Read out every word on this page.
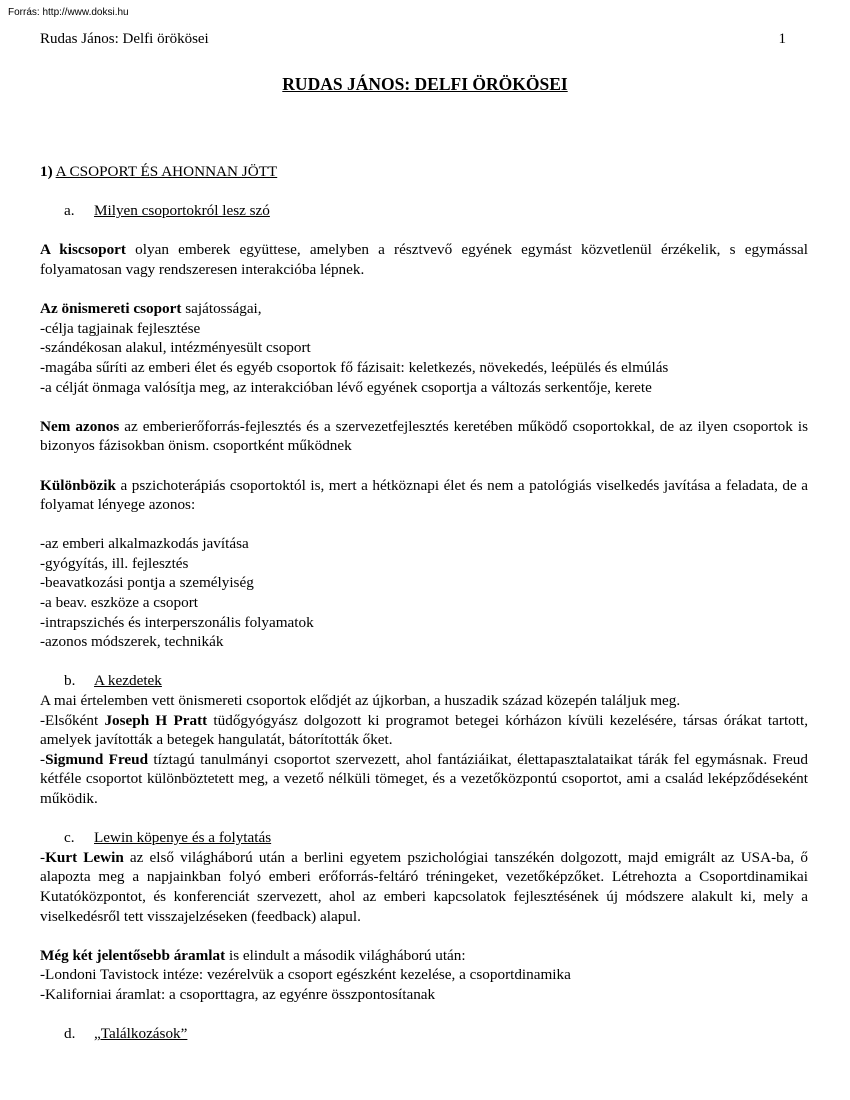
Forrás: http://www.doksi.hu
Rudas János: Delfi örökösei	1
RUDAS JÁNOS: DELFI ÖRÖKÖSEI

1) A CSOPORT ÉS AHONNAN JÖTT

a. Milyen csoportokról lesz szó

A kiscsoport olyan emberek együttese, amelyben a résztvevő egyének egymást közvetlenül érzékelik, s egymással folyamatosan vagy rendszeresen interakcióba lépnek.

Az önismereti csoport sajátosságai,

-célja tagjainak fejlesztése

-szándékosan alakul, intézményesült csoport

-magába sűríti az emberi élet és egyéb csoportok fő fázisait: keletkezés, növekedés, leépülés és elmúlás

-a célját önmaga valósítja meg, az interakcióban lévő egyének csoportja a változás serkentője, kerete

Nem azonos az emberierőforrás-fejlesztés és a szervezetfejlesztés keretében működő csoportokkal, de az ilyen csoportok is bizonyos fázisokban önism. csoportként működnek

Különbözik a pszichoterápiás csoportoktól is, mert a hétköznapi élet és nem a patológiás viselkedés javítása a feladata, de a folyamat lényege azonos:

-az emberi alkalmazkodás javítása

-gyógyítás, ill. fejlesztés

-beavatkozási pontja a személyiség

-a beav. eszköze a csoport

-intrapszichés és interperszonális folyamatok

-azonos módszerek, technikák

b. A kezdetek

A mai értelemben vett önismereti csoportok elődjét az újkorban, a huszadik század közepén találjuk meg.

-Elsőként Joseph H Pratt tüdőgyógyász dolgozott ki programot betegei kórházon kívüli kezelésére, társas órákat tartott, amelyek javították a betegek hangulatát, bátorították őket.

-Sigmund Freud tíztagú tanulmányi csoportot szervezett, ahol fantáziáikat, élettapasztalataikat tárák fel egymásnak. Freud kétféle csoportot különböztetett meg, a vezető nélküli tömeget, és a vezetőközpontú csoportot, ami a család leképződéseként működik.

c. Lewin köpenye és a folytatás

-Kurt Lewin az első világháború után a berlini egyetem pszichológiai tanszékén dolgozott, majd emigrált az USA-ba, ő alapozta meg a napjainkban folyó emberi erőforrás-feltáró tréningeket, vezetőképzőket. Létrehozta a Csoportdinamikai Kutatóközpontot, és konferenciát szervezett, ahol az emberi kapcsolatok fejlesztésének új módszere alakult ki, mely a viselkedésről tett visszajelzéseken (feedback) alapul.

Még két jelentősebb áramlat is elindult a második világháború után:

-Londoni Tavistock intéze: vezérelvük a csoport egészként kezelése, a csoportdinamika

-Kaliforniai áramlat: a csoporttagra, az egyénre összpontosítanak

d. „Találkozások”
